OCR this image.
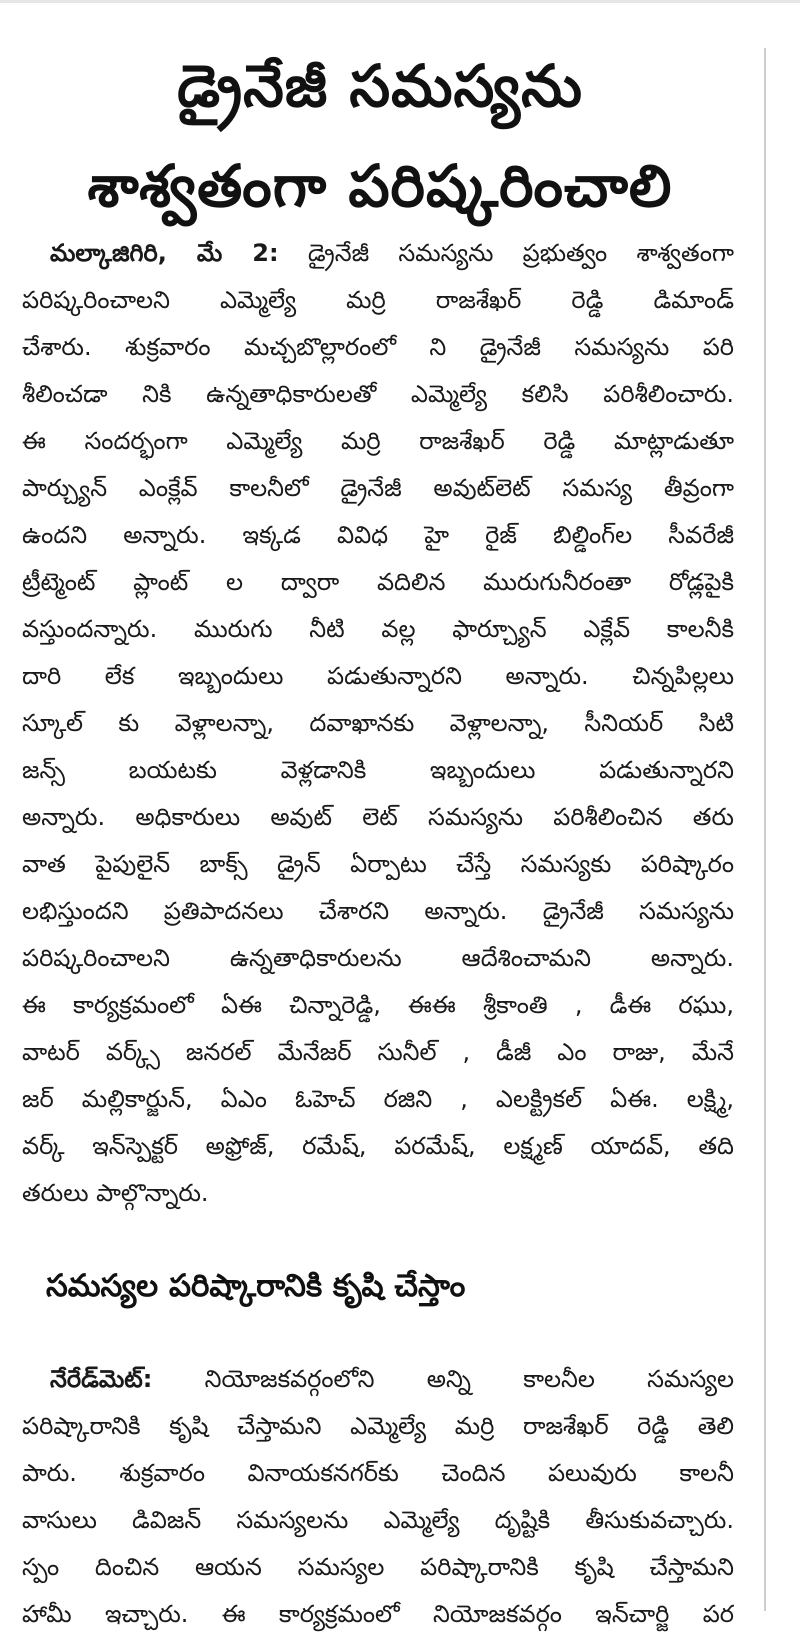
డ్రైనేజీ సమస్యను
శాశ్వతంగా పరిష్కరించాలి
మల్కాజిగిరి, మే 2: డ్రైనేజీ సమస్యను ప్రభుత్వం శాశ్వతంగా
పరిష్కరించాలని ఎమ్మెల్యే మర్రి రాజశేఖర్ రెడ్డి డిమాండ్
చేశారు. శుక్రవారం మచ్చబొల్లారంలో ని డ్రైనేజీ సమస్యను పరి
శీలించడా నికి ఉన్నతాధికారులతో ఎమ్మెల్యే కలిసి పరిశీలించారు.
ఈ సందర్భంగా ఎమ్మెల్యే మర్రి రాజశేఖర్ రెడ్డి మాట్లాడుతూ
పార్చ్యున్ ఎంక్లేవ్ కాలనీలో డ్రైనేజీ అవుట్‌లెట్ సమస్య తీవ్రంగా
ఉందని అన్నారు. ఇక్కడ వివిధ హై రైజ్ బిల్డింగ్‌ల సీవరేజీ
ట్రీట్మెంట్ ప్లాంట్ ల ద్వారా వదిలిన మురుగునీరంతా రోడ్లపైకి
వస్తుందన్నారు. మురుగు నీటి వల్ల ఫార్చ్యూన్ ఎక్లేవ్ కాలనీకి
దారి లేక ఇబ్బందులు పడుతున్నారని అన్నారు. చిన్నపిల్లలు
స్కూల్ కు వెళ్లాలన్నా, దవాఖానకు వెళ్లాలన్నా, సీనియర్ సిటి
జన్స్ బయటకు వెళ్లడానికి ఇబ్బందులు పడుతున్నారని
అన్నారు. అధికారులు అవుట్ లెట్ సమస్యను పరిశీలించిన తరు
వాత పైపులైన్ బాక్స్ డ్రైన్ ఏర్పాటు చేస్తే సమస్యకు పరిష్కారం
లభిస్తుందని ప్రతిపాదనలు చేశారని అన్నారు. డ్రైనేజీ సమస్యను
పరిష్కరించాలని ఉన్నతాధికారులను ఆదేశించామని అన్నారు.
ఈ కార్యక్రమంలో ఏఈ చిన్నారెడ్డి, ఈఈ శ్రీకాంతి , డీఈ రఘు,
వాటర్ వర్క్స్ జనరల్ మేనేజర్ సునీల్ , డీజీ ఎం రాజు, మేనే
జర్ మల్లికార్జున్, ఏఎం ఓహెచ్ రజిని , ఎలక్ట్రికల్ ఏఈ. లక్ష్మి,
వర్క్ ఇన్‌స్పెక్టర్ అఫ్రోజ్, రమేష్, పరమేష్, లక్ష్మణ్ యాదవ్, తది
తరులు పాల్గొన్నారు.
సమస్యల పరిష్కారానికి కృషి చేస్తాం
నేరేడ్‌మెట్: నియోజకవర్గంలోని అన్ని కాలనీల సమస్యల
పరిష్కారానికి కృషి చేస్తామని ఎమ్మెల్యే మర్రి రాజశేఖర్ రెడ్డి తెలి
పారు. శుక్రవారం వినాయకనగర్‌కు చెందిన పలువురు కాలనీ
వాసులు డివిజన్ సమస్యలను ఎమ్మెల్యే దృష్టికి తీసుకువచ్చారు.
స్పం దించిన ఆయన సమస్యల పరిష్కారానికి కృషి చేస్తామని
హామీ ఇచ్చారు. ఈ కార్యక్రమంలో నియోజకవర్గం ఇన్‌చార్జి పర
